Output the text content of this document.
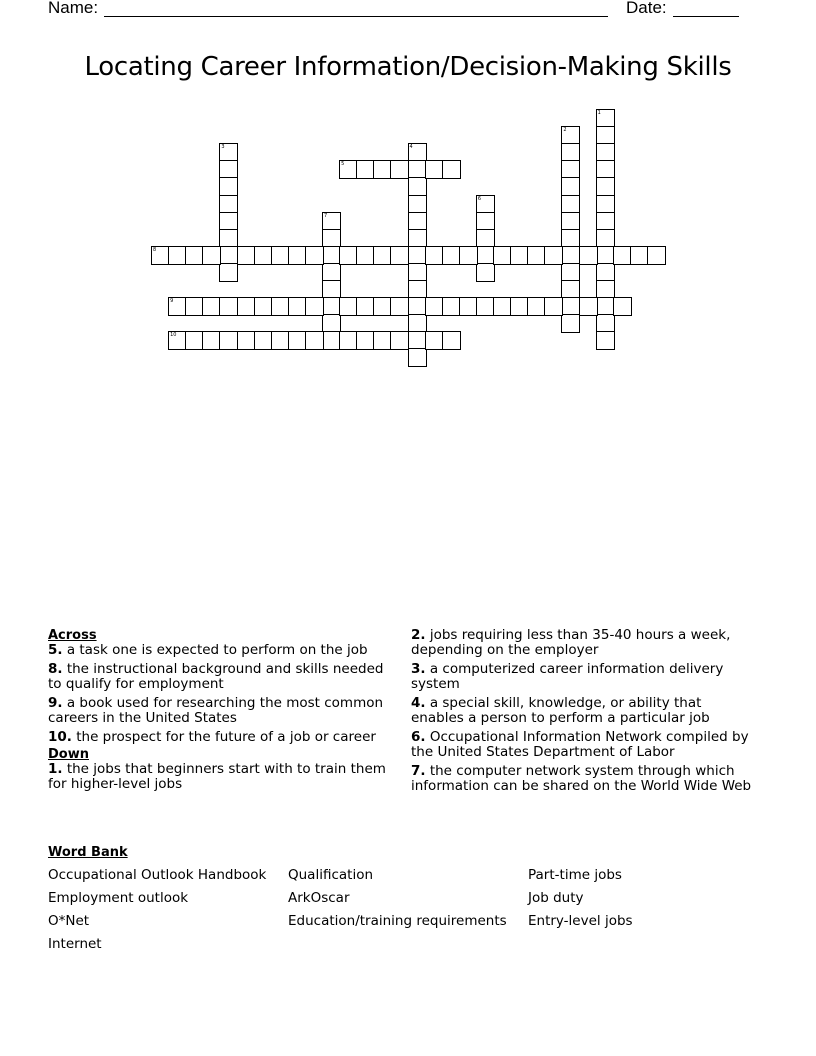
Name:	Date:
Locating Career Information/Decision-Making Skills
1
2
3	4
5
6
7
8
9
10
Across
5. a task one is expected to perform on the job
8. the instructional background and skills needed to qualify for employment
9. a book used for researching the most common careers in the United States
10. the prospect for the future of a job or career
Down
1. the jobs that beginners start with to train them for higher-level jobs
2. jobs requiring less than 35-40 hours a week, depending on the employer
3. a computerized career information delivery system
4. a special skill, knowledge, or ability that enables a person to perform a particular job
6. Occupational Information Network compiled by the United States Department of Labor
7. the computer network system through which information can be shared on the World Wide Web
Word Bank
Occupational Outlook Handbook	Qualification	Part-time jobs
Employment outlook	ArkOscar	Job duty
O*Net	Education/training requirements	Entry-level jobs
Internet
